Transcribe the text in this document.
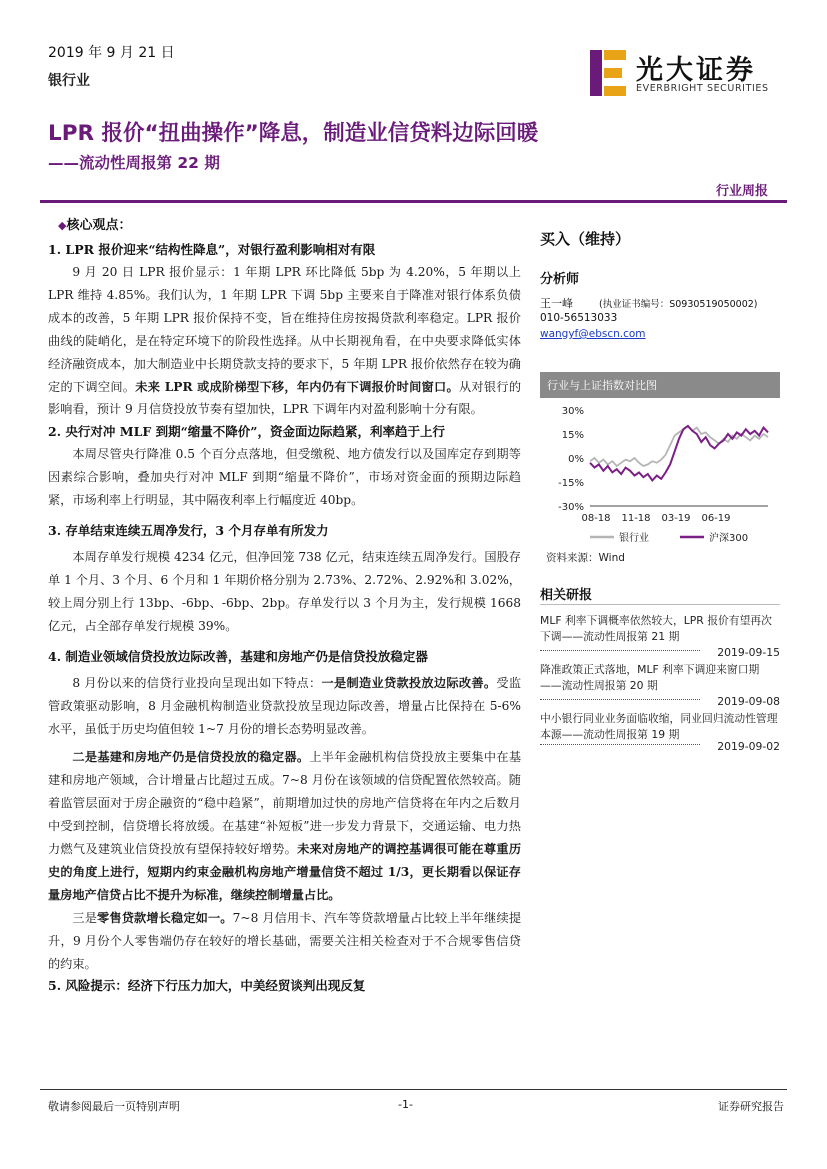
2019 年 9 月 21 日
银行业	光大证券
EVERBRIGHT SECURITIES
LPR 报价“扭曲操作”降息，制造业信贷料边际回暖
——流动性周报第 22 期
行业周报
◆核心观点：
1. LPR 报价迎来“结构性降息”，对银行盈利影响相对有限

9 月 20 日 LPR 报价显示：1 年期 LPR 环比降低 5bp 为 4.20%，5 年期以上 LPR 维持 4.85%。我们认为，1 年期 LPR 下调 5bp 主要来自于降准对银行体系负债成本的改善，5 年期 LPR 报价保持不变，旨在维持住房按揭贷款利率稳定。LPR 报价曲线的陡峭化，是在特定环境下的阶段性选择。从中长期视角看，在中央要求降低实体经济融资成本，加大制造业中长期贷款支持的要求下，5 年期 LPR 报价依然存在较为确定的下调空间。未来 LPR 或成阶梯型下移，年内仍有下调报价时间窗口。从对银行的影响看，预计 9 月信贷投放节奏有望加快，LPR 下调年内对盈利影响十分有限。

2. 央行对冲 MLF 到期“缩量不降价”，资金面边际趋紧，利率趋于上行

本周尽管央行降准 0.5 个百分点落地，但受缴税、地方债发行以及国库定存到期等因素综合影响，叠加央行对冲 MLF 到期“缩量不降价”，市场对资金面的预期边际趋紧，市场利率上行明显，其中隔夜利率上行幅度近 40bp。

3. 存单结束连续五周净发行，3 个月存单有所发力

本周存单发行规模 4234 亿元，但净回笼 738 亿元，结束连续五周净发行。国股存单 1 个月、3 个月、6 个月和 1 年期价格分别为 2.73%、2.72%、2.92%和 3.02%，较上周分别上行 13bp、-6bp、-6bp、2bp。存单发行以 3 个月为主，发行规模 1668 亿元，占全部存单发行规模 39%。

4. 制造业领域信贷投放边际改善，基建和房地产仍是信贷投放稳定器

8 月份以来的信贷行业投向呈现出如下特点：一是制造业贷款投放边际改善。受监管政策驱动影响，8 月金融机构制造业贷款投放呈现边际改善，增量占比保持在 5-6%水平，虽低于历史均值但较 1~7 月份的增长态势明显改善。

二是基建和房地产仍是信贷投放的稳定器。上半年金融机构信贷投放主要集中在基建和房地产领域，合计增量占比超过五成。7~8 月份在该领域的信贷配置依然较高。随着监管层面对于房企融资的“稳中趋紧”，前期增加过快的房地产信贷将在年内之后数月中受到控制，信贷增长将放缓。在基建“补短板”进一步发力背景下，交通运输、电力热力燃气及建筑业信贷投放有望保持较好增势。未来对房地产的调控基调很可能在尊重历史的角度上进行，短期内约束金融机构房地产增量信贷不超过 1/3，更长期看以保证存量房地产信贷占比不提升为标准，继续控制增量占比。

三是零售贷款增长稳定如一。7~8 月信用卡、汽车等贷款增量占比较上半年继续提升，9 月份个人零售端仍存在较好的增长基础，需要关注相关检查对于不合规零售信贷的约束。

5. 风险提示：经济下行压力加大，中美经贸谈判出现反复
买入（维持）
分析师
王一峰	(执业证书编号：S0930519050002)
010-56513033
wangyf@ebscn.com
行业与上证指数对比图
30%
15%
0%
-15%
-30%
08-18 11-18 03-19 06-19
银行业	沪深300
资料来源：Wind
相关研报
MLF 利率下调概率依然较大，LPR 报价有望再次下调——流动性周报第 21 期
2019-09-15
降准政策正式落地，MLF 利率下调迎来窗口期——流动性周报第 20 期
2019-09-08
中小银行同业业务面临收缩，同业回归流动性管理本源——流动性周报第 19 期
2019-09-02
敬请参阅最后一页特别声明	-1-	证券研究报告
